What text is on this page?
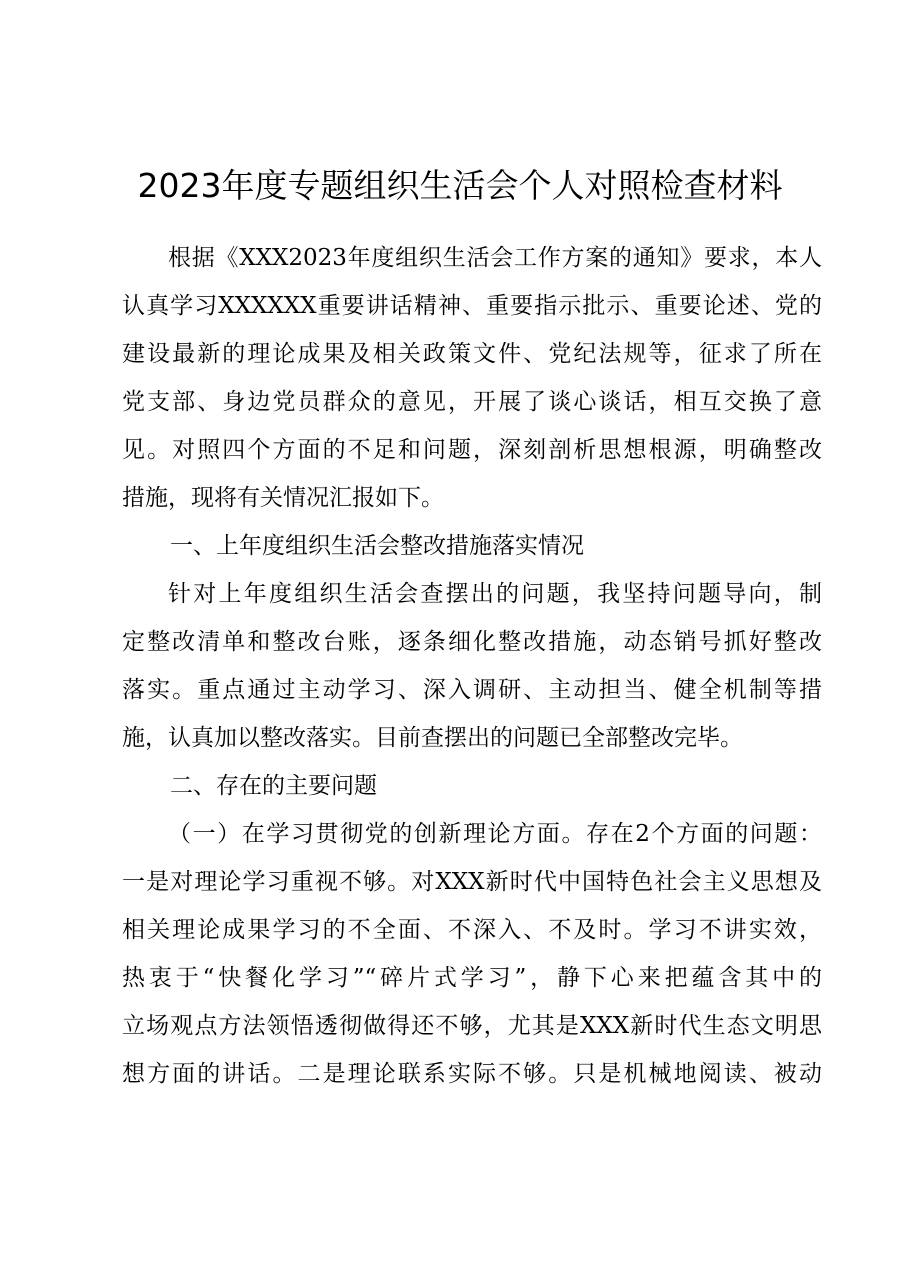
2023年度专题组织生活会个人对照检查材料
根据《XXX2023年度组织生活会工作方案的通知》要求，本人
认真学习XXXXXX重要讲话精神、重要指示批示、重要论述、党的
建设最新的理论成果及相关政策文件、党纪法规等，征求了所在
党支部、身边党员群众的意见，开展了谈心谈话，相互交换了意
见。对照四个方面的不足和问题，深刻剖析思想根源，明确整改
措施，现将有关情况汇报如下。
一、上年度组织生活会整改措施落实情况
针对上年度组织生活会查摆出的问题，我坚持问题导向，制
定整改清单和整改台账，逐条细化整改措施，动态销号抓好整改
落实。重点通过主动学习、深入调研、主动担当、健全机制等措
施，认真加以整改落实。目前查摆出的问题已全部整改完毕。
二、存在的主要问题
（一）在学习贯彻党的创新理论方面。存在2个方面的问题：
一是对理论学习重视不够。对XXX新时代中国特色社会主义思想及
相关理论成果学习的不全面、不深入、不及时。学习不讲实效，
热衷于“快餐化学习”“碎片式学习”，静下心来把蕴含其中的
立场观点方法领悟透彻做得还不够，尤其是XXX新时代生态文明思
想方面的讲话。二是理论联系实际不够。只是机械地阅读、被动
